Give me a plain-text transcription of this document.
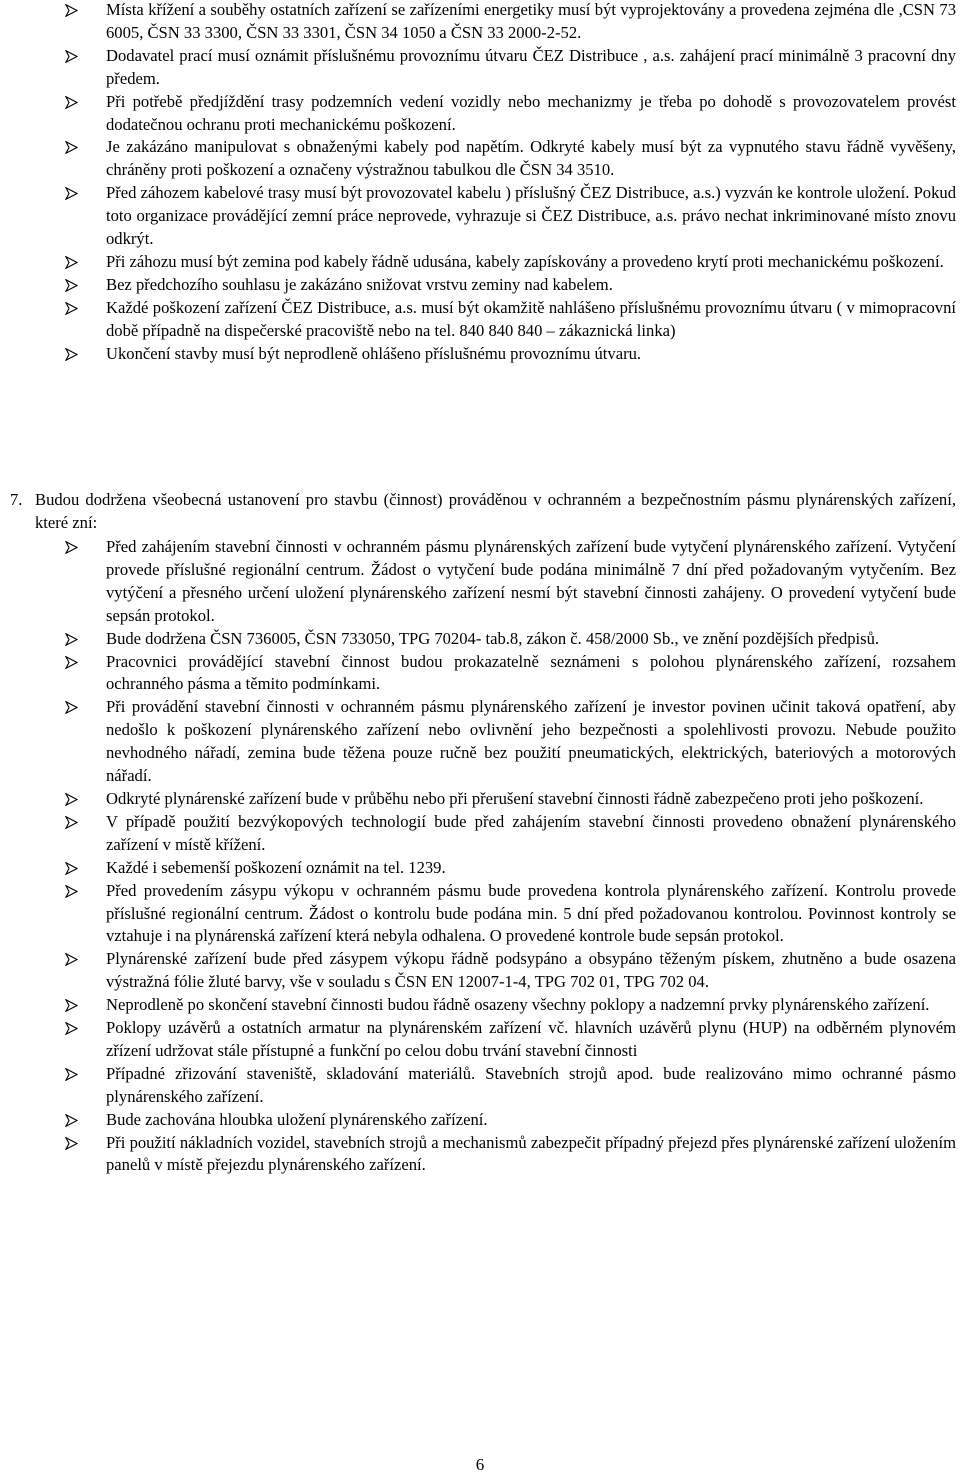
Místa křížení a souběhy ostatních zařízení se zařízeními energetiky musí být vyprojektovány a provedena zejména dle ,CSN 73 6005, ČSN 33 3300, ČSN 33 3301, ČSN 34 1050 a ČSN 33 2000-2-52.
Dodavatel prací musí oznámit příslušnému provoznímu útvaru ČEZ Distribuce , a.s. zahájení prací minimálně 3 pracovní dny předem.
Při potřebě předjíždění trasy podzemních vedení vozidly nebo mechanizmy je třeba po dohodě s provozovatelem provést dodatečnou ochranu proti mechanickému poškození.
Je zakázáno manipulovat s obnaženými kabely pod napětím. Odkryté kabely musí být za vypnutého stavu řádně vyvěšeny, chráněny proti poškození a označeny výstražnou tabulkou dle ČSN 34 3510.
Před záhozem kabelové trasy musí být provozovatel kabelu ) příslušný ČEZ Distribuce, a.s.) vyzván ke kontrole uložení. Pokud toto organizace provádějící zemní práce neprovede, vyhrazuje si ČEZ Distribuce, a.s. právo nechat inkriminované místo znovu odkrýt.
Při záhozu musí být zemina pod kabely řádně udusána, kabely zapískovány a provedeno krytí proti mechanickému poškození.
Bez předchozího souhlasu je zakázáno snižovat vrstvu zeminy nad kabelem.
Každé poškození zařízení ČEZ Distribuce, a.s. musí být okamžitě nahlášeno příslušnému provoznímu útvaru ( v mimopracovní době případně na dispečerské pracoviště nebo na tel. 840 840 840 – zákaznická linka)
Ukončení stavby musí být neprodleně ohlášeno příslušnému provoznímu útvaru.
7. Budou dodržena všeobecná ustanovení pro stavbu (činnost) prováděnou v ochranném a bezpečnostním pásmu plynárenských zařízení, které zní:
Před zahájením stavební činnosti v ochranném pásmu plynárenských zařízení bude vytyčení plynárenského zařízení. Vytyčení provede příslušné regionální centrum. Žádost o vytyčení bude podána minimálně 7 dní před požadovaným vytyčením. Bez vytýčení a přesného určení uložení plynárenského zařízení nesmí být stavební činnosti zahájeny. O provedení vytyčení bude sepsán protokol.
Bude dodržena ČSN 736005, ČSN 733050, TPG 70204- tab.8, zákon č. 458/2000 Sb., ve znění pozdějších předpisů.
Pracovnici provádějící stavební činnost budou prokazatelně seznámeni s polohou plynárenského zařízení, rozsahem ochranného pásma a těmito podmínkami.
Při provádění stavební činnosti v ochranném pásmu plynárenského zařízení je investor povinen učinit taková opatření, aby nedošlo k poškození plynárenského zařízení nebo ovlivnění jeho bezpečnosti a spolehlivosti provozu. Nebude použito nevhodného nářadí, zemina bude těžena pouze ručně bez použití pneumatických, elektrických, bateriových a motorových nářadí.
Odkryté plynárenské zařízení bude v průběhu nebo při přerušení stavební činnosti řádně zabezpečeno proti jeho poškození.
V případě použití bezvýkopových technologií bude před zahájením stavební činnosti provedeno obnažení plynárenského zařízení v místě křížení.
Každé i sebemenší poškození oznámit na tel. 1239.
Před provedením zásypu výkopu v ochranném pásmu bude provedena kontrola plynárenského zařízení. Kontrolu provede příslušné regionální centrum. Žádost o kontrolu bude podána min. 5 dní před požadovanou kontrolou. Povinnost kontroly se vztahuje i na plynárenská zařízení která nebyla odhalena. O provedené kontrole bude sepsán protokol.
Plynárenské zařízení bude před zásypem výkopu řádně podsypáno a obsypáno těženým pískem, zhutněno a bude osazena výstražná fólie žluté barvy, vše v souladu s ČSN EN 12007-1-4, TPG 702 01, TPG 702 04.
Neprodleně po skončení stavební činnosti budou řádně osazeny všechny poklopy a nadzemní prvky plynárenského zařízení.
Poklopy uzávěrů a ostatních armatur na plynárenském zařízení vč. hlavních uzávěrů plynu (HUP) na odběrném plynovém zřízení udržovat stále přístupné a funkční po celou dobu trvání stavební činnosti
Případné zřizování staveniště, skladování materiálů. Stavebních strojů apod. bude realizováno mimo ochranné pásmo plynárenského zařízení.
Bude zachována hloubka uložení plynárenského zařízení.
Při použití nákladních vozidel, stavebních strojů a mechanismů zabezpečit případný přejezd přes plynárenské zařízení uložením panelů v místě přejezdu plynárenského zařízení.
6
